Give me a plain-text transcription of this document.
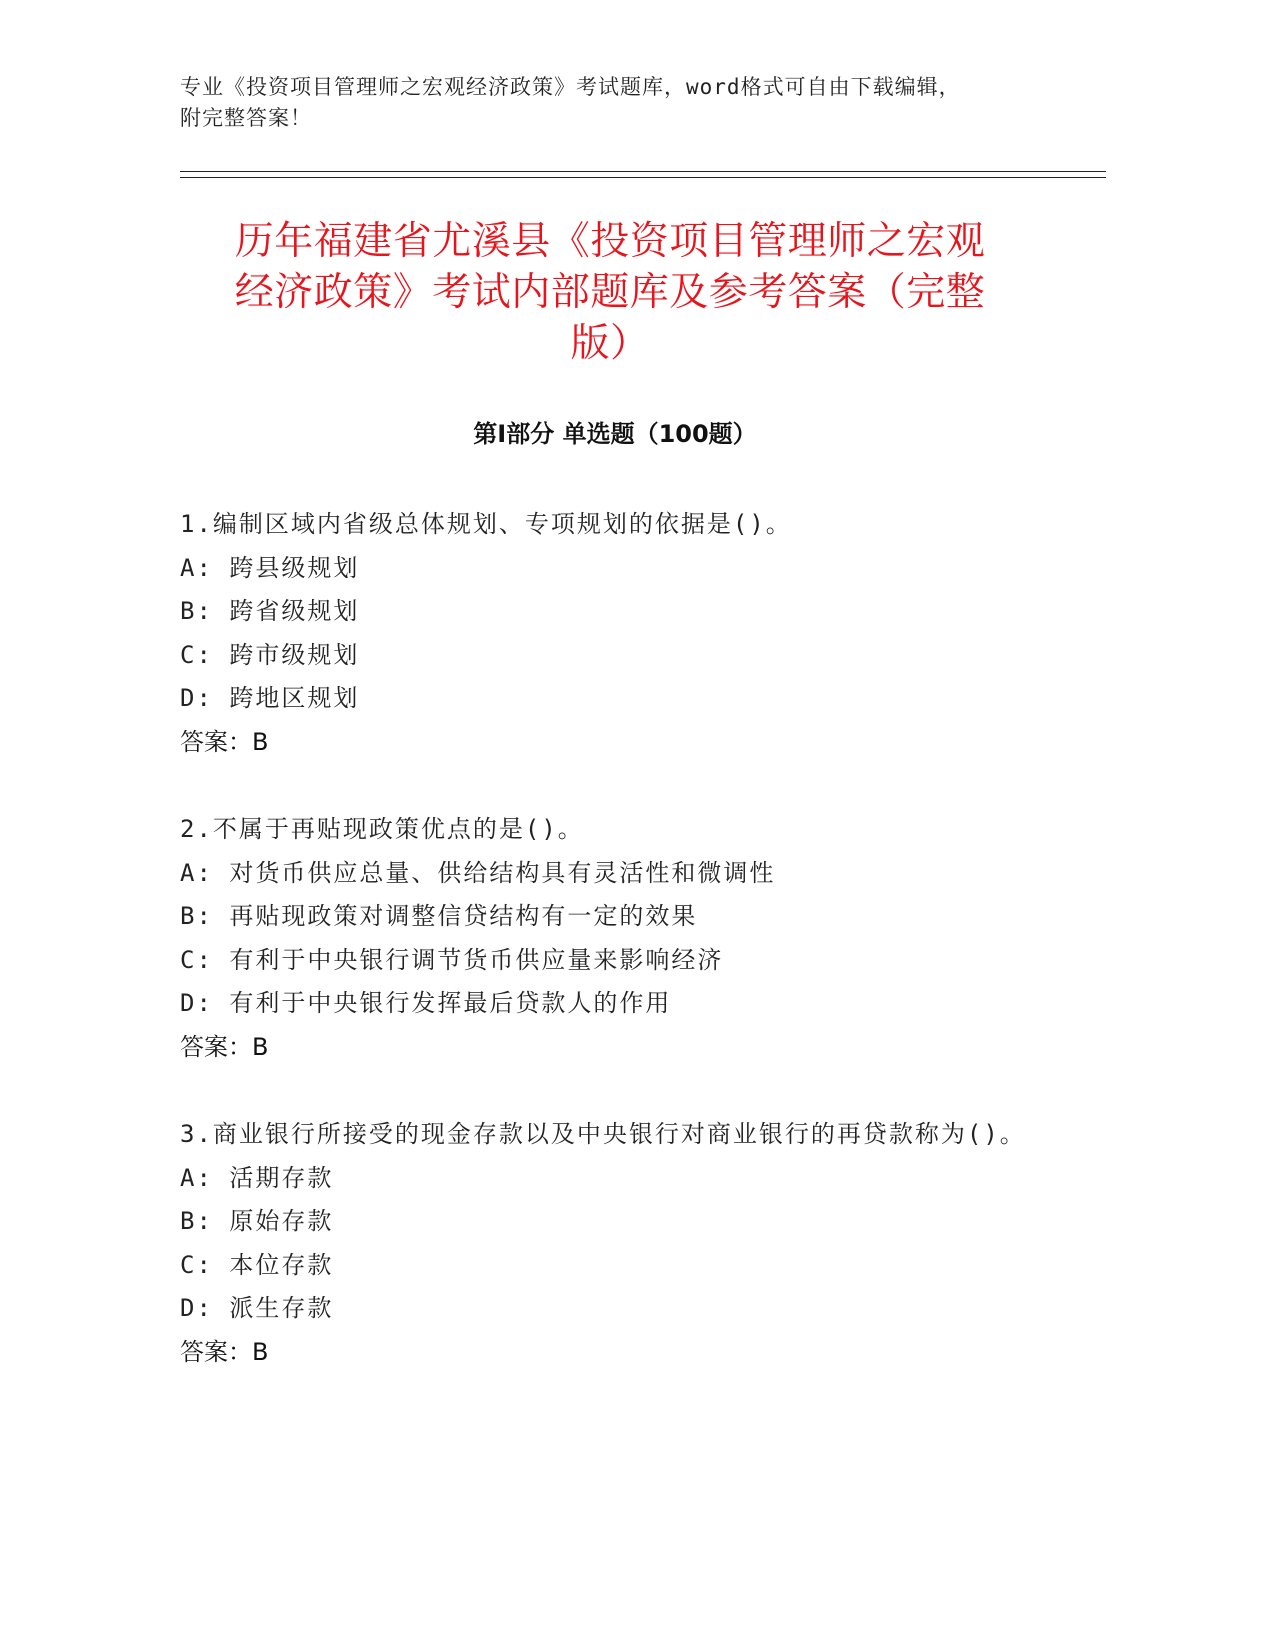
专业《投资项目管理师之宏观经济政策》考试题库，word格式可自由下载编辑，
附完整答案！
历年福建省尤溪县《投资项目管理师之宏观
经济政策》考试内部题库及参考答案（完整
版）
第Ⅰ部分 单选题（100题）
1.编制区域内省级总体规划、专项规划的依据是()。
A: 跨县级规划
B: 跨省级规划
C: 跨市级规划
D: 跨地区规划
答案：B
2.不属于再贴现政策优点的是()。
A: 对货币供应总量、供给结构具有灵活性和微调性
B: 再贴现政策对调整信贷结构有一定的效果
C: 有利于中央银行调节货币供应量来影响经济
D: 有利于中央银行发挥最后贷款人的作用
答案：B
3.商业银行所接受的现金存款以及中央银行对商业银行的再贷款称为()。
A: 活期存款
B: 原始存款
C: 本位存款
D: 派生存款
答案：B
